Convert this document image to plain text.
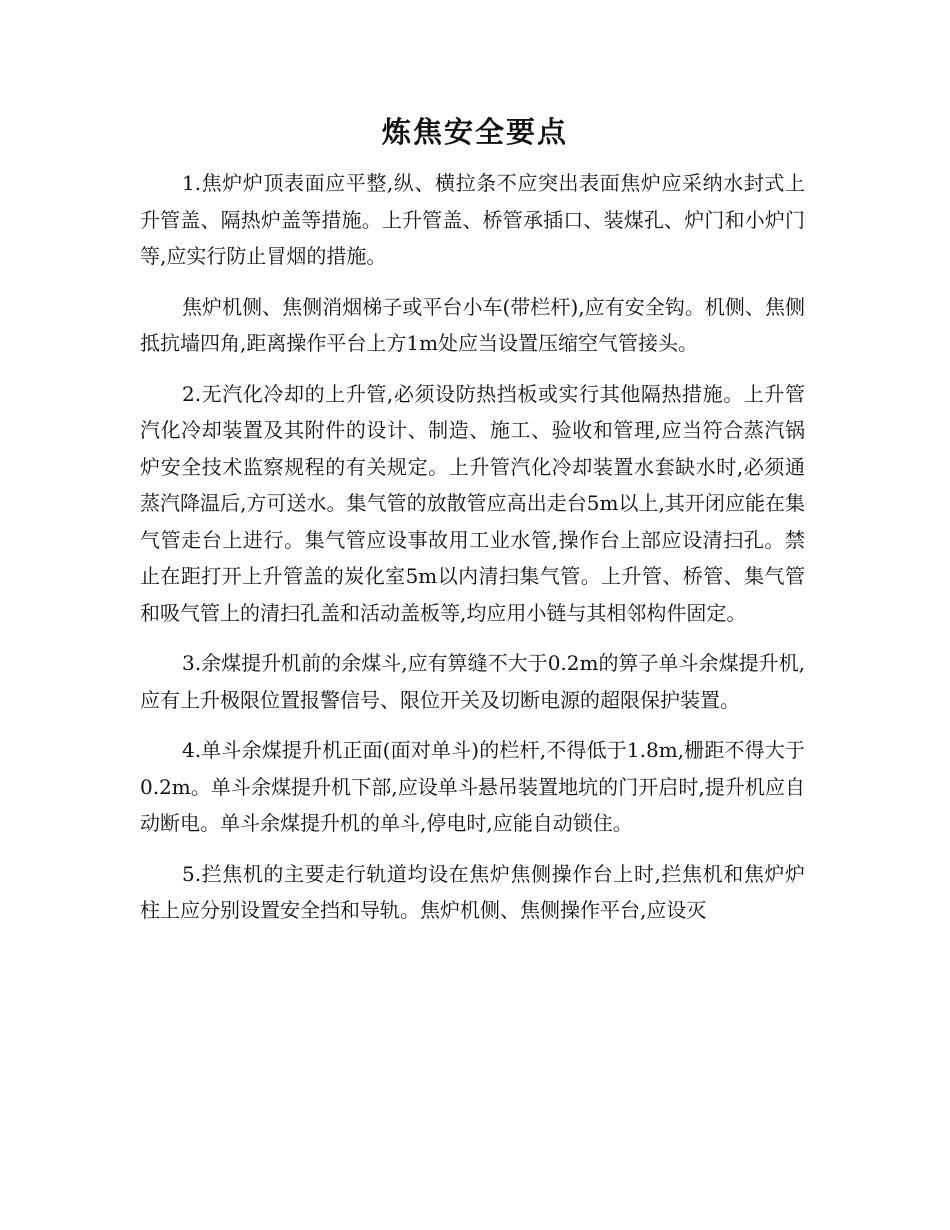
炼焦安全要点

1.焦炉炉顶表面应平整,纵、横拉条不应突出表面焦炉应采纳水封式上升管盖、隔热炉盖等措施。上升管盖、桥管承插口、装煤孔、炉门和小炉门等,应实行防止冒烟的措施。

焦炉机侧、焦侧消烟梯子或平台小车(带栏杆),应有安全钩。机侧、焦侧抵抗墙四角,距离操作平台上方1m处应当设置压缩空气管接头。

2.无汽化冷却的上升管,必须设防热挡板或实行其他隔热措施。上升管汽化冷却装置及其附件的设计、制造、施工、验收和管理,应当符合蒸汽锅炉安全技术监察规程的有关规定。上升管汽化冷却装置水套缺水时,必须通蒸汽降温后,方可送水。集气管的放散管应高出走台5m以上,其开闭应能在集气管走台上进行。集气管应设事故用工业水管,操作台上部应设清扫孔。禁止在距打开上升管盖的炭化室5m以内清扫集气管。上升管、桥管、集气管和吸气管上的清扫孔盖和活动盖板等,均应用小链与其相邻构件固定。

3.余煤提升机前的余煤斗,应有箅缝不大于0.2m的箅子单斗余煤提升机,应有上升极限位置报警信号、限位开关及切断电源的超限保护装置。

4.单斗余煤提升机正面(面对单斗)的栏杆,不得低于1.8m,栅距不得大于0.2m。单斗余煤提升机下部,应设单斗悬吊装置地坑的门开启时,提升机应自动断电。单斗余煤提升机的单斗,停电时,应能自动锁住。

5.拦焦机的主要走行轨道均设在焦炉焦侧操作台上时,拦焦机和焦炉炉柱上应分别设置安全挡和导轨。焦炉机侧、焦侧操作平台,应设灭
